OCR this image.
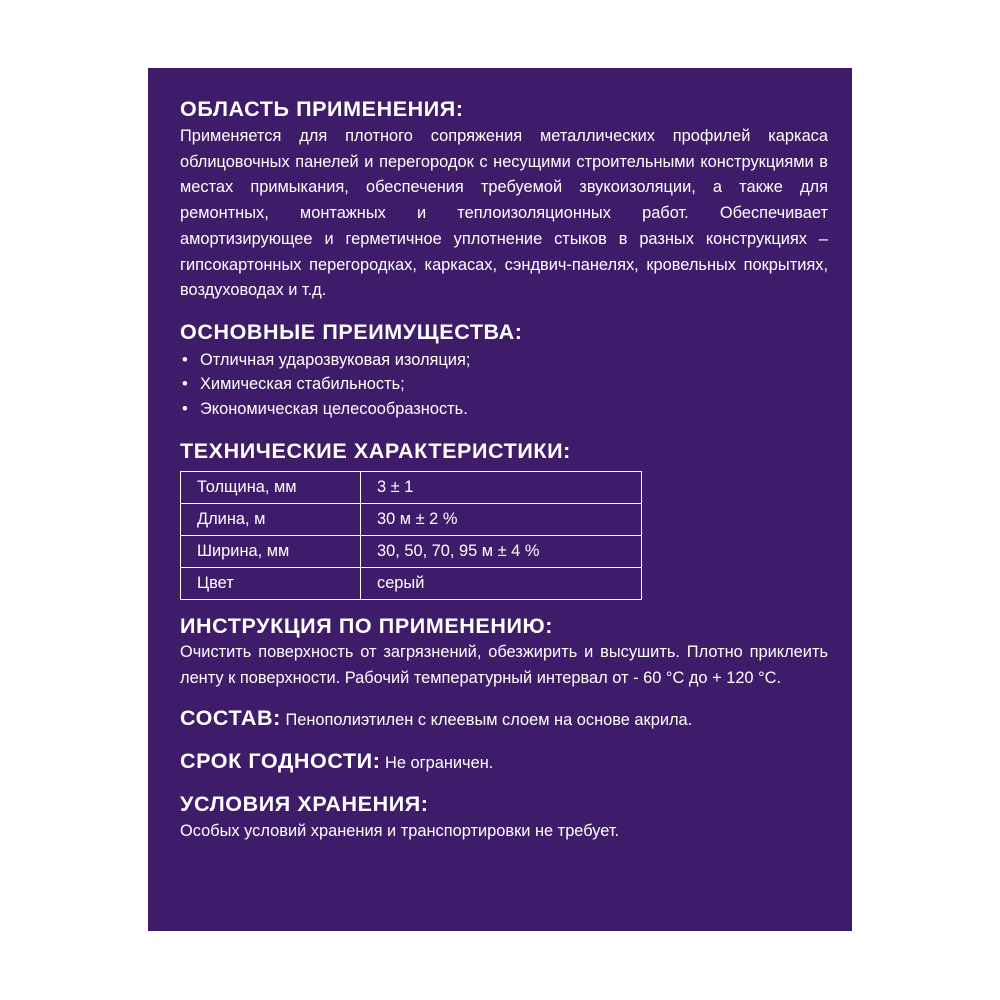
ОБЛАСТЬ ПРИМЕНЕНИЯ:

Применяется для плотного сопряжения металлических профилей каркаса облицовочных панелей и перегородок с несущими строительными конструкциями в местах примыкания, обеспечения требуемой звукоизоляции, а также для ремонтных, монтажных и теплоизоляционных работ. Обеспечивает амортизирующее и герметичное уплотнение стыков в разных конструкциях – гипсокартонных перегородках, каркасах, сэндвич-панелях, кровельных покрытиях, воздуховодах и т.д.

ОСНОВНЫЕ ПРЕИМУЩЕСТВА:
• Отличная ударозвуковая изоляция;
• Химическая стабильность;
• Экономическая целесообразность.
ТЕХНИЧЕСКИЕ ХАРАКТЕРИСТИКИ:
Толщина, мм	3 ± 1
Длина, м	30 м ± 2 %
Ширина, мм	30, 50, 70, 95 м ± 4 %
Цвет	серый
ИНСТРУКЦИЯ ПО ПРИМЕНЕНИЮ:

Очистить поверхность от загрязнений, обезжирить и высушить. Плотно приклеить ленту к поверхности. Рабочий температурный интервал от - 60 °С до + 120 °С.

СОСТАВ: Пенополиэтилен с клеевым слоем на основе акрила.

СРОК ГОДНОСТИ: Не ограничен.

УСЛОВИЯ ХРАНЕНИЯ:

Особых условий хранения и транспортировки не требует.
